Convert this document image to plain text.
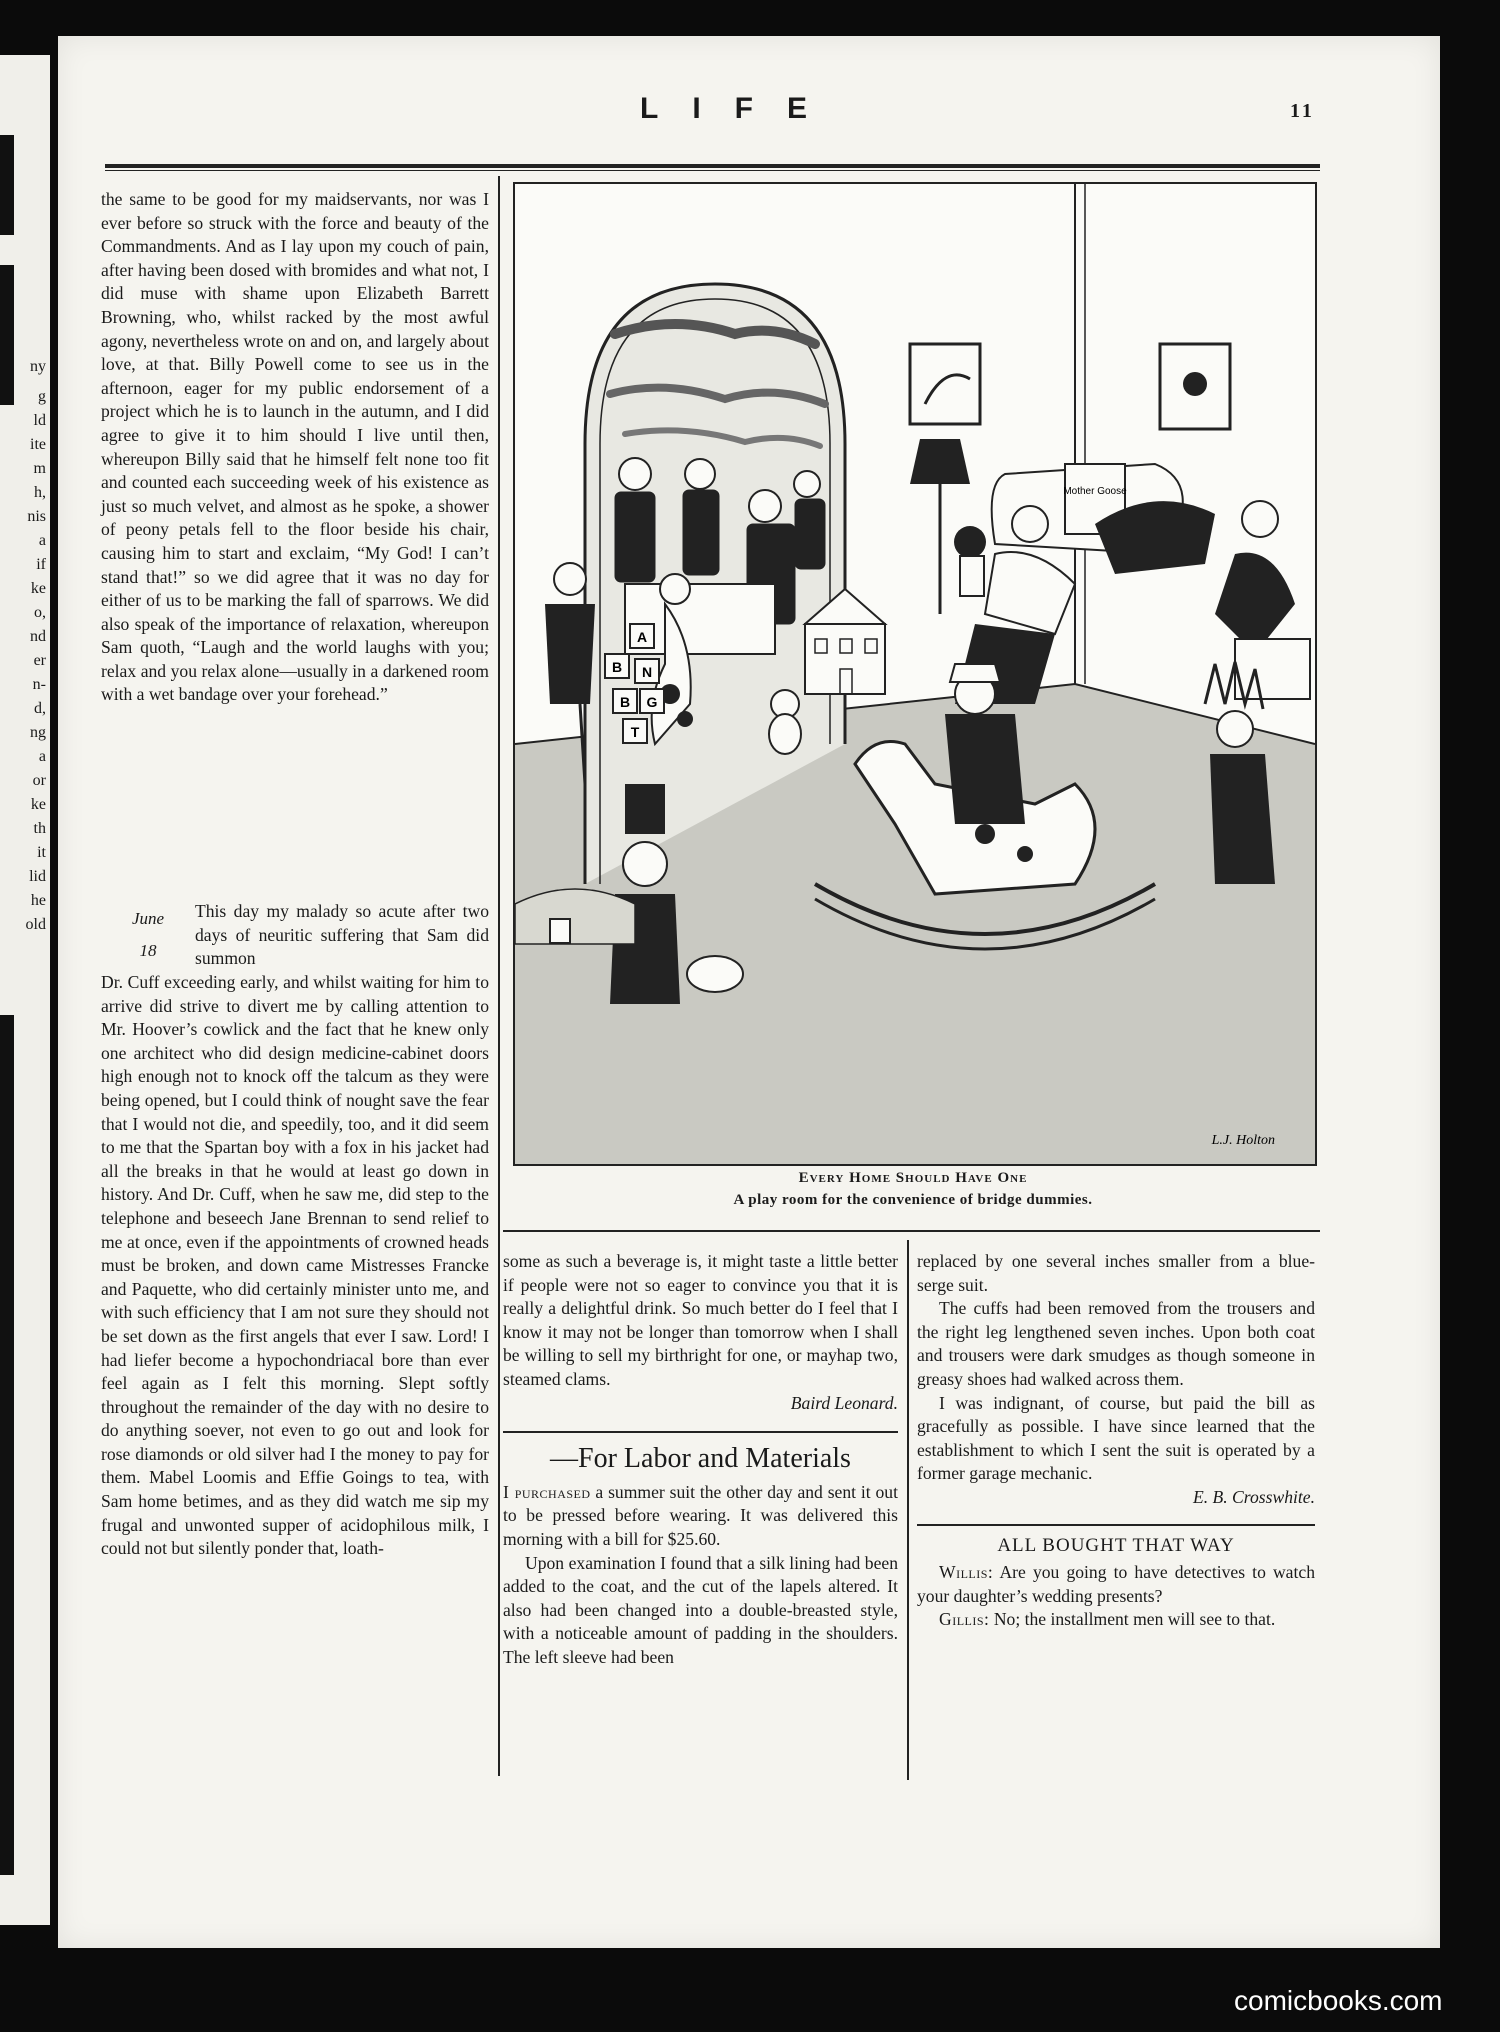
ny
g
ld
ite
m
h,
nis
a
if
ke
o,
nd
er
n-
d,
ng
a
or
ke
th
it
lid
he
old
LIFE	11

the same to be good for my maidservants, nor was I ever before so struck with the force and beauty of the Commandments. And as I lay upon my couch of pain, after having been dosed with bromides and what not, I did muse with shame upon Elizabeth Barrett Browning, who, whilst racked by the most awful agony, nevertheless wrote on and on, and largely about love, at that. Billy Powell come to see us in the afternoon, eager for my public endorsement of a project which he is to launch in the autumn, and I did agree to give it to him should I live until then, whereupon Billy said that he himself felt none too fit and counted each succeeding week of his existence as just so much velvet, and almost as he spoke, a shower of peony petals fell to the floor beside his chair, causing him to start and exclaim, “My God! I can’t stand that!” so we did agree that it was no day for either of us to be marking the fall of sparrows. We did also speak of the importance of relaxation, whereupon Sam quoth, “Laugh and the world laughs with you; relax and you relax alone—usually in a darkened room with a wet bandage over your forehead.”

June
18

This day my malady so acute after two days of neuritic suffering that Sam did summon

Dr. Cuff exceeding early, and whilst waiting for him to arrive did strive to divert me by calling attention to Mr. Hoover’s cowlick and the fact that he knew only one architect who did design medicine-cabinet doors high enough not to knock off the talcum as they were being opened, but I could think of nought save the fear that I would not die, and speedily, too, and it did seem to me that the Spartan boy with a fox in his jacket had all the breaks in that he would at least go down in history. And Dr. Cuff, when he saw me, did step to the telephone and beseech Jane Brennan to send relief to me at once, even if the appointments of crowned heads must be broken, and down came Mistresses Francke and Paquette, who did certainly minister unto me, and with such efficiency that I am not sure they should not be set down as the first angels that ever I saw. Lord! I had liefer become a hypochondriacal bore than ever feel again as I felt this morning. Slept softly throughout the remainder of the day with no desire to do anything soever, not even to go out and look for rose diamonds or old silver had I the money to pay for them. Mabel Loomis and Effie Goings to tea, with Sam home betimes, and as they did watch me sip my frugal and unwonted supper of acidophilous milk, I could not but silently ponder that, loath-

Mother Goose
B
A
N
B G
T
L.J. Holton
Every Home Should Have One
A play room for the convenience of bridge dummies.

some as such a beverage is, it might taste a little better if people were not so eager to convince you that it is really a delightful drink. So much better do I feel that I know it may not be longer than tomorrow when I shall be willing to sell my birthright for one, or mayhap two, steamed clams.

Baird Leonard.

—For Labor and Materials

I purchased a summer suit the other day and sent it out to be pressed before wearing. It was delivered this morning with a bill for $25.60.

Upon examination I found that a silk lining had been added to the coat, and the cut of the lapels altered. It also had been changed into a double-breasted style, with a noticeable amount of padding in the shoulders. The left sleeve had been

replaced by one several inches smaller from a blue-serge suit.

The cuffs had been removed from the trousers and the right leg lengthened seven inches. Upon both coat and trousers were dark smudges as though someone in greasy shoes had walked across them.

I was indignant, of course, but paid the bill as gracefully as possible. I have since learned that the establishment to which I sent the suit is operated by a former garage mechanic.

E. B. Crosswhite.

ALL BOUGHT THAT WAY

Willis: Are you going to have detectives to watch your daughter’s wedding presents?

Gillis: No; the installment men will see to that.

comicbooks.com
